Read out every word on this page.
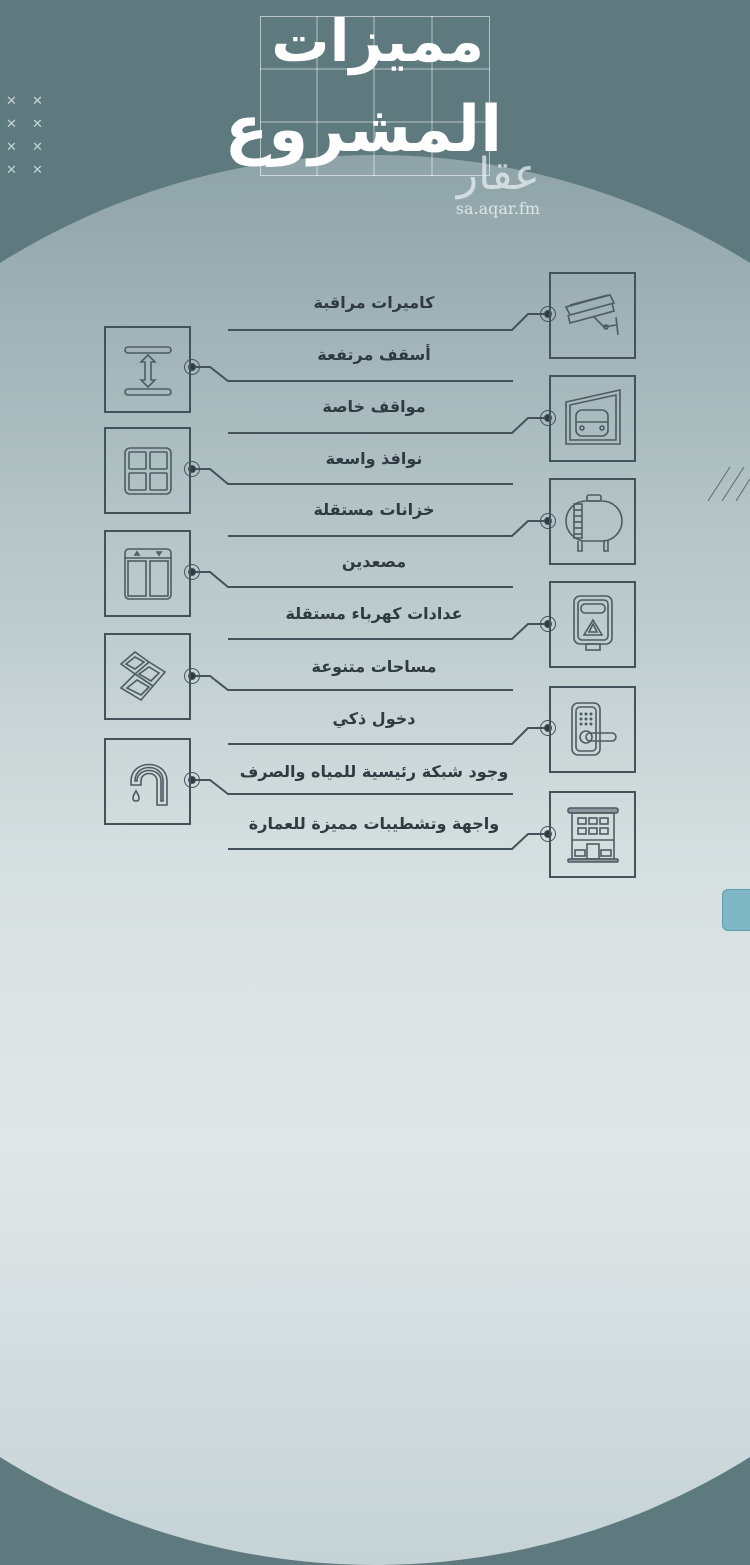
✕ ✕
✕ ✕
✕ ✕
✕ ✕
مميزات
المشروع
عقار
sa.aqar.fm
كاميرات مراقبة
أسقف مرتفعة
مواقف خاصة
نوافذ واسعة
خزانات مستقلة
مصعدين
عدادات كهرباء مستقلة
مساحات متنوعة
دخول ذكي
وجود شبكة رئيسية للمياه والصرف
واجهة وتشطيبات مميزة للعمارة
